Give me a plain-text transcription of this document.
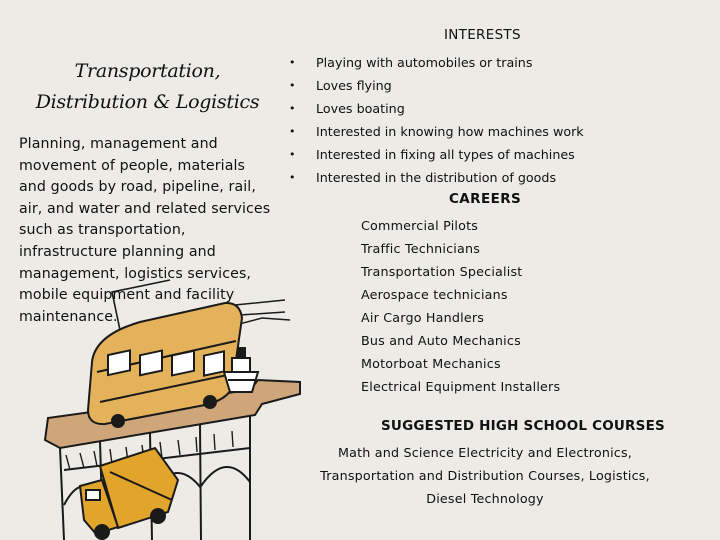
Transportation,
Distribution & Logistics
Planning, management and
movement of people, materials
and goods by road, pipeline, rail,
air, and water and related services
such as transportation,
infrastructure planning and
management, logistics services,
mobile equipment and facility
maintenance.
INTERESTS
• Playing with automobiles or trains
• Loves flying
• Loves boating
• Interested in knowing how machines work
• Interested in fixing all types of machines
• Interested in the distribution of goods
CAREERS
Commercial Pilots
Traffic Technicians
Transportation Specialist
Aerospace technicians
Air Cargo Handlers
Bus and Auto Mechanics
Motorboat Mechanics
Electrical Equipment Installers
SUGGESTED HIGH SCHOOL COURSES
Math and Science Electricity and Electronics,
Transportation and Distribution Courses, Logistics,
Diesel Technology
